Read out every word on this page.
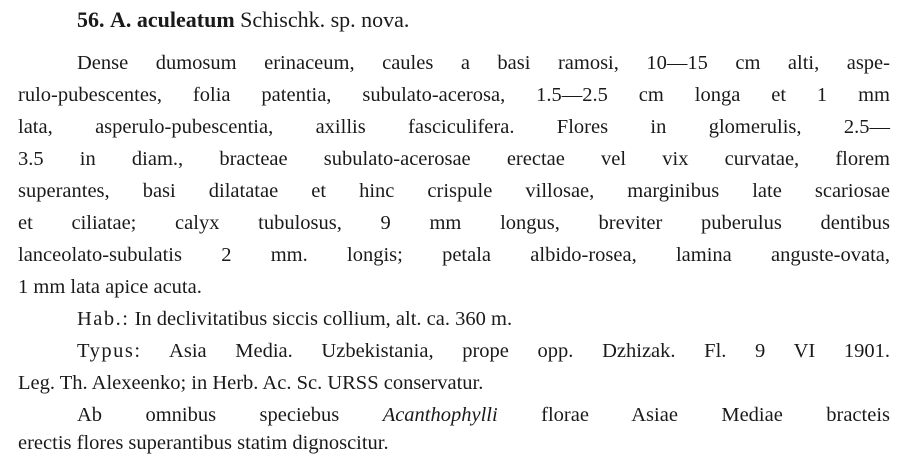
56. A. aculeatum Schischk. sp. nova.
Dense dumosum erinaceum, caules a basi ramosi, 10—15 cm alti, aspe-
rulo-pubescentes, folia patentia, subulato-acerosa, 1.5—2.5 cm longa et 1 mm
lata, asperulo-pubescentia, axillis fasciculifera. Flores in glomerulis, 2.5—
3.5 in diam., bracteae subulato-acerosae erectae vel vix curvatae, florem
superantes, basi dilatatae et hinc crispule villosae, marginibus late scariosae
et ciliatae; calyx tubulosus, 9 mm longus, breviter puberulus dentibus
lanceolato-subulatis 2 mm. longis; petala albido-rosea, lamina anguste-ovata,
1 mm lata apice acuta.
Hab.: In declivitatibus siccis collium, alt. ca. 360 m.
Typus: Asia Media. Uzbekistania, prope opp. Dzhizak. Fl. 9 VI 1901.
Leg. Th. Alexeenko; in Herb. Ac. Sc. URSS conservatur.
Ab omnibus speciebus Acanthophylli florae Asiae Mediae bracteis
erectis flores superantibus statim dignoscitur.
